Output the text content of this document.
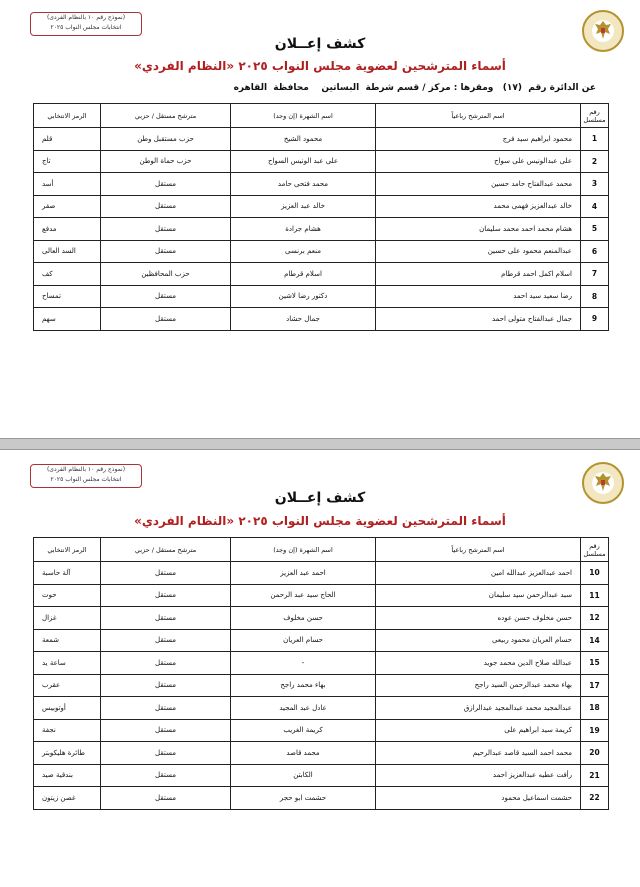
(نموذج رقم ١٠ بالنظام الفردى)
انتخابات مجلس النواب ٢٠٢٥
كشف إعــلان
أسماء المترشحين لعضوية مجلس النواب ٢٠٢٥ «النظام الفردي»
عن الدائرة رقم  (١٧)   ومقرها : مركز / قسم شرطة  البساتين    محافظة  القاهره
رقم مسلسل	اسم المترشح رباعياً	اسم الشهرة (إن وجد)	مترشح مستقل / حزبي	الرمز الانتخابي
1	محمود ابراهيم سيد فرج	محمود الشيخ	حزب مستقبل وطن	قلم
2	على عبدالونيس على سواح	على عبد الونيس السواح	حزب حماة الوطن	تاج
3	محمد عبدالفتاح حامد حسين	محمد فتحى حامد	مستقل	أسد
4	خالد عبدالعزيز فهمى محمد	خالد عبد العزيز	مستقل	صقر
5	هشام محمد احمد محمد سليمان	هشام جرادة	مستقل	مدفع
6	عبدالمنعم محمود على حسين	منعم برنسى	مستقل	السد العالى
7	اسلام اكمل احمد قرطام	اسلام قرطام	حزب المحافظين	كف
8	رضا سعيد سيد احمد	دكتور رضا لاشين	مستقل	تمساح
9	جمال عبدالفتاح متولى احمد	جمال حشاد	مستقل	سهم
(نموذج رقم ١٠ بالنظام الفردى)
انتخابات مجلس النواب ٢٠٢٥
كشف إعــلان
أسماء المترشحين لعضوية مجلس النواب ٢٠٢٥ «النظام الفردي»
رقم مسلسل	اسم المترشح رباعياً	اسم الشهرة (إن وجد)	مترشح مستقل / حزبي	الرمز الانتخابي
10	احمد عبدالعزيز عبدالله امين	احمد عبد العزيز	مستقل	آلة حاسبة
11	سيد عبدالرحمن سيد سليمان	الحاج سيد عبد الرحمن	مستقل	حوت
12	حسن مخلوف حسن عوده	حسن مخلوف	مستقل	غزال
14	حسام العريان محمود ربيعى	حسام العريان	مستقل	شمعة
15	عبدالله صلاح الدين محمد جويد	-	مستقل	ساعة يد
17	بهاء محمد عبدالرحمن السيد راجح	بهاء محمد راجح	مستقل	عقرب
18	عبدالمجيد محمد عبدالمجيد عبدالرازق	عادل عبد المجيد	مستقل	أوتوبيس
19	كريمة سيد ابراهيم على	كريمة الغريب	مستقل	نجفة
20	محمد احمد السيد قاصد عبدالرحيم	محمد قاصد	مستقل	طائرة هليكوبتر
21	رأفت عطيه عبدالعزيز احمد	الكابتن	مستقل	بندقية صيد
22	حشمت اسماعيل محمود	حشمت ابو حجر	مستقل	غصن زيتون
